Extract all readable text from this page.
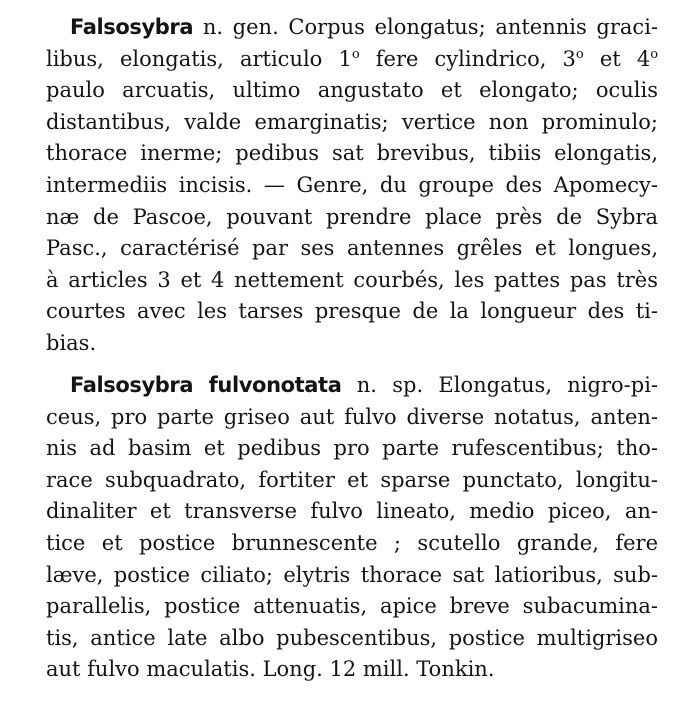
Falsosybra n. gen. Corpus elongatus; antennis graci-
libus, elongatis, articulo 1$^o$ fere cylindrico, 3$^o$ et 4$^o$
paulo arcuatis, ultimo angustato et elongato; oculis
distantibus, valde emarginatis; vertice non prominulo;
thorace inerme; pedibus sat brevibus, tibiis elongatis,
intermediis incisis. — Genre, du groupe des Apomecy-
næ de Pascoe, pouvant prendre place près de Sybra
Pasc., caractérisé par ses antennes grêles et longues,
à articles 3 et 4 nettement courbés, les pattes pas très
courtes avec les tarses presque de la longueur des ti-
bias.
Falsosybra fulvonotata n. sp. Elongatus, nigro-pi-
ceus, pro parte griseo aut fulvo diverse notatus, anten-
nis ad basim et pedibus pro parte rufescentibus; tho-
race subquadrato, fortiter et sparse punctato, longitu-
dinaliter et transverse fulvo lineato, medio piceo, an-
tice et postice brunnescente ; scutello grande, fere
læve, postice ciliato; elytris thorace sat latioribus, sub-
parallelis, postice attenuatis, apice breve subacumina-
tis, antice late albo pubescentibus, postice multigriseo
aut fulvo maculatis. Long. 12 mill. Tonkin.
